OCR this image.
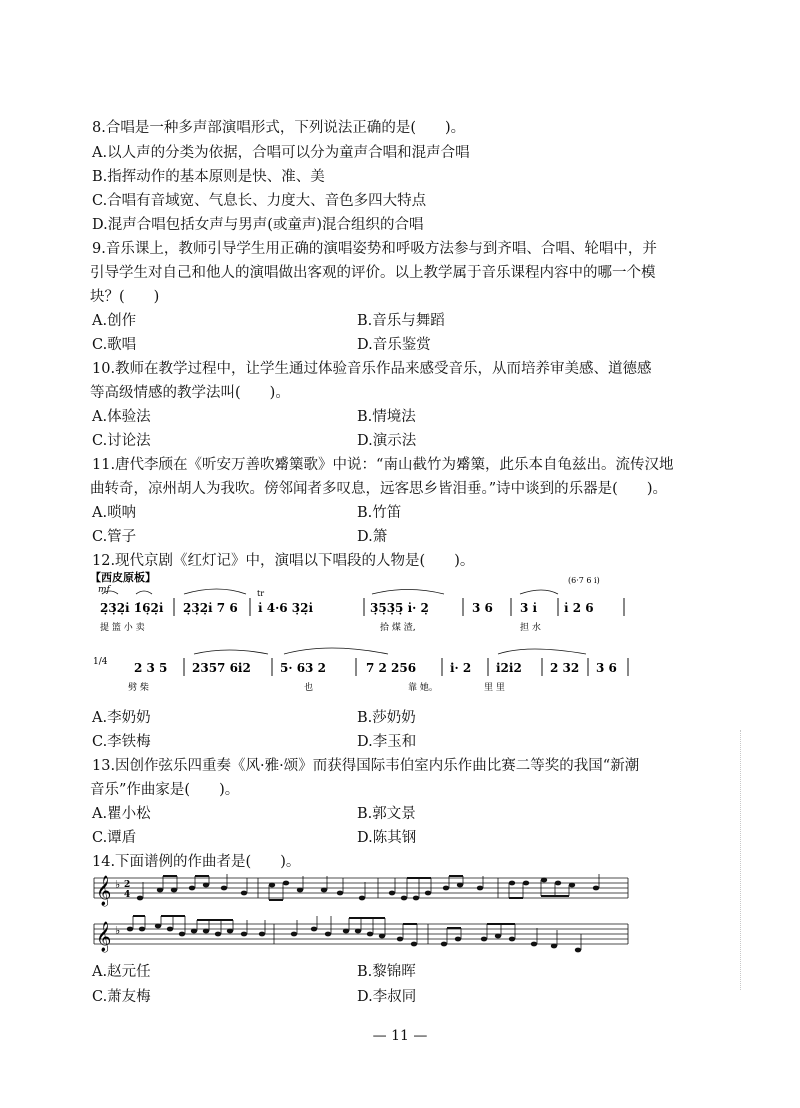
8.合唱是一种多声部演唱形式，下列说法正确的是(　　)。
A.以人声的分类为依据，合唱可以分为童声合唱和混声合唱
B.指挥动作的基本原则是快、准、美
C.合唱有音域宽、气息长、力度大、音色多四大特点
D.混声合唱包括女声与男声(或童声)混合组织的合唱
9.音乐课上，教师引导学生用正确的演唱姿势和呼吸方法参与到齐唱、合唱、轮唱中，并
引导学生对自己和他人的演唱做出客观的评价。以上教学属于音乐课程内容中的哪一个模
块？(　　)
A.创作	B.音乐与舞蹈
C.歌唱	D.音乐鉴赏
10.教师在教学过程中，让学生通过体验音乐作品来感受音乐，从而培养审美感、道德感
等高级情感的教学法叫(　　)。
A.体验法	B.情境法
C.讨论法	D.演示法
11.唐代李颀在《听安万善吹觱篥歌》中说：“南山截竹为觱篥，此乐本自龟兹出。流传汉地
曲转奇，凉州胡人为我吹。傍邻闻者多叹息，远客思乡皆泪垂。”诗中谈到的乐器是(　　)。
A.唢呐	B.竹笛
C.管子	D.箫
12.现代京剧《红灯记》中，演唱以下唱段的人物是(　　)。
【西皮原板】
mf
(6·7 6 i)
tr
1/4
2̣3̣2̣i̇ 1̇6̣2̣i̇ 2̣3̣2̣i̇ 7 6 i̇ 4·6 3̣2̣i̇	3̣5̣3̣5̣ i̇· 2̣	3 6 3 i̇ i̇ 2 6
提 篮 小 卖	拾 煤 渣,	担 水
2 3 5 2357 6i2 5· 63 2	7 2 256	i· 2 i2i2 2 32 3 6
劈 柴	也	靠 她。	里 里
A.李奶奶	B.莎奶奶
C.李铁梅	D.李玉和
13.因创作弦乐四重奏《风·雅·颂》而获得国际韦伯室内乐作曲比赛二等奖的我国“新潮
音乐”作曲家是(　　)。
A.瞿小松	B.郭文景
C.谭盾	D.陈其钢
14.下面谱例的作曲者是(　　)。
𝄞 ♭ 2
4
𝄞 ♭
A.赵元任	B.黎锦晖
C.萧友梅	D.李叔同
— 11 —
